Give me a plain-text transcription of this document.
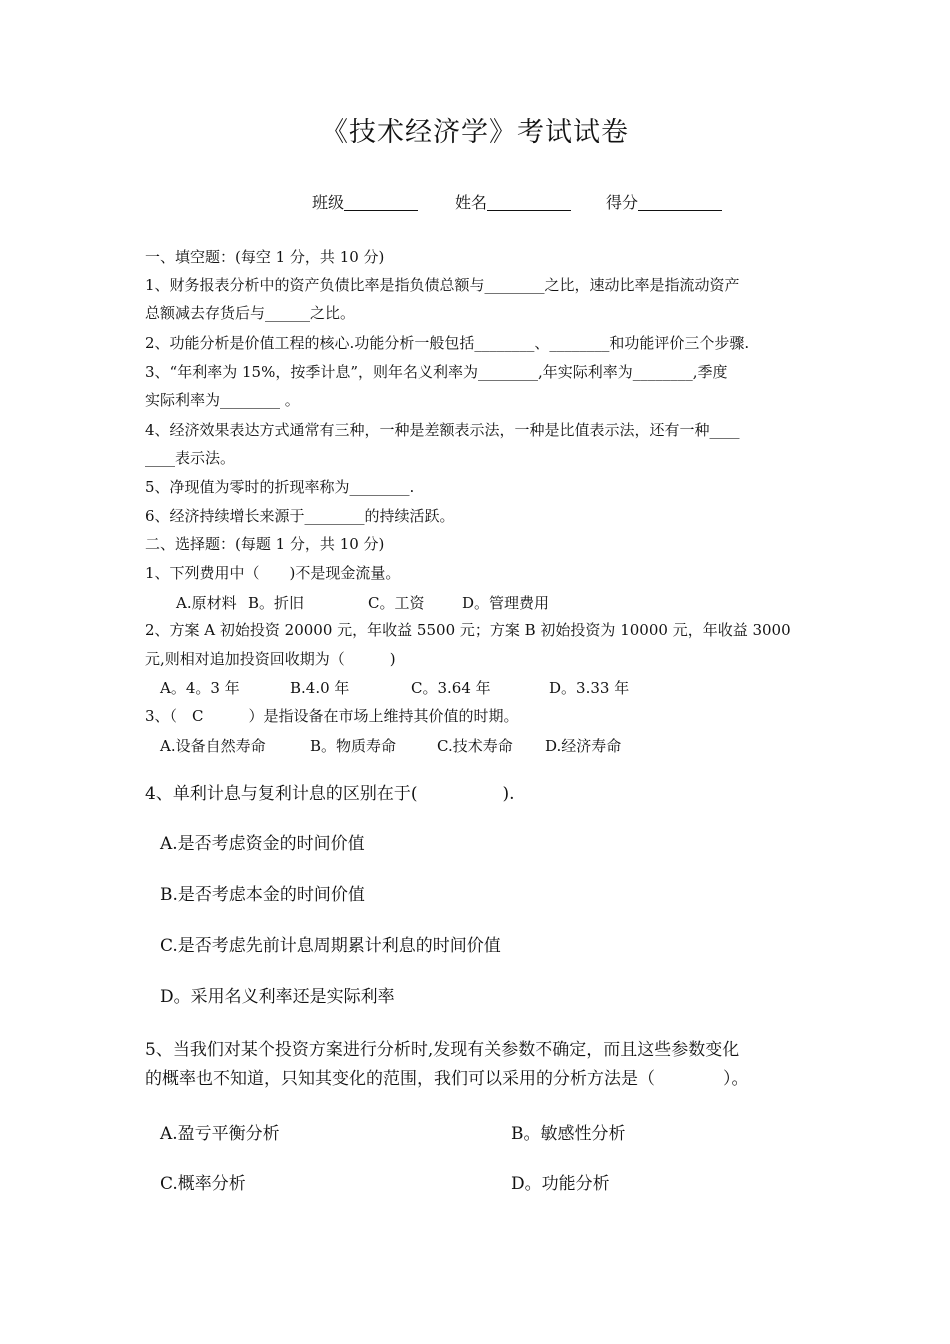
《技术经济学》考试试卷
班级	姓名	得分
一、填空题：(每空 1 分，共 10 分)
1、财务报表分析中的资产负债比率是指负债总额与________之比，速动比率是指流动资产
总额减去存货后与______之比。
2、功能分析是价值工程的核心.功能分析一般包括________、________和功能评价三个步骤.
3、“年利率为 15%，按季计息”，则年名义利率为________,年实际利率为________,季度
实际利率为________ 。
4、经济效果表达方式通常有三种，一种是差额表示法，一种是比值表示法，还有一种____
____表示法。
5、净现值为零时的折现率称为________.
6、经济持续增长来源于________的持续活跃。
二、选择题：(每题 1 分，共 10 分)
1、下列费用中（　　)不是现金流量。
A.原材料 B。折旧	C。工资	D。管理费用
2、方案 A 初始投资 20000 元，年收益 5500 元；方案 B 初始投资为 10000 元，年收益 3000
元,则相对追加投资回收期为（　　　)
A。4。3 年	B.4.0 年	C。3.64 年	D。3.33 年
3、（　C　　　）是指设备在市场上维持其价值的时期。
A.设备自然寿命	B。物质寿命	C.技术寿命 D.经济寿命
4、单利计息与复利计息的区别在于(　　　　　).
A.是否考虑资金的时间价值
B.是否考虑本金的时间价值
C.是否考虑先前计息周期累计利息的时间价值
D。采用名义利率还是实际利率
5、当我们对某个投资方案进行分析时,发现有关参数不确定，而且这些参数变化
的概率也不知道，只知其变化的范围，我们可以采用的分析方法是（　　　　）。
A.盈亏平衡分析	B。敏感性分析
C.概率分析	D。功能分析
